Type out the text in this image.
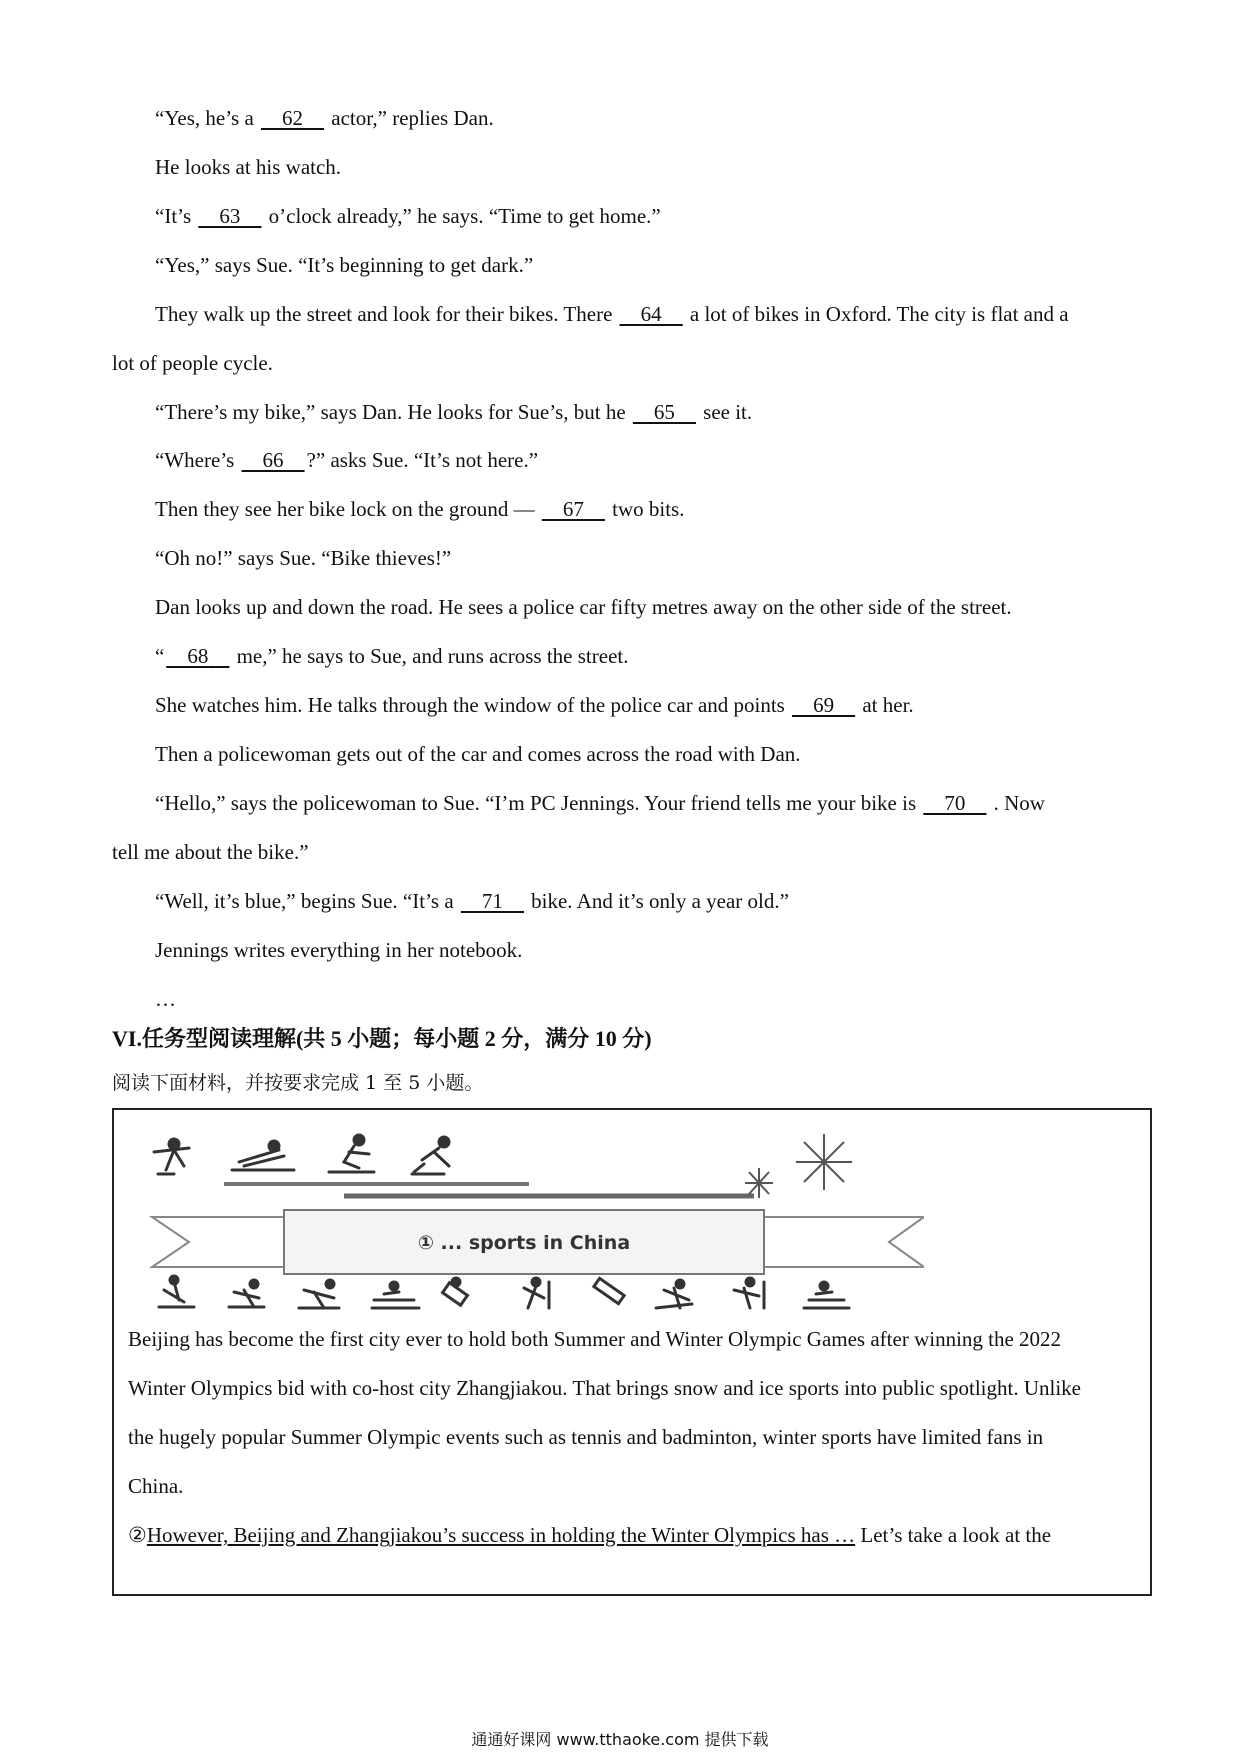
“Yes, he’s a 62 actor,” replies Dan.
He looks at his watch.
“It’s 63 o’clock already,” he says. “Time to get home.”
“Yes,” says Sue. “It’s beginning to get dark.”
They walk up the street and look for their bikes. There 64 a lot of bikes in Oxford. The city is flat and a
lot of people cycle.
“There’s my bike,” says Dan. He looks for Sue’s, but he 65 see it.
“Where’s 66 ?” asks Sue. “It’s not here.”
Then they see her bike lock on the ground — 67 two bits.
“Oh no!” says Sue. “Bike thieves!”
Dan looks up and down the road. He sees a police car fifty metres away on the other side of the street.
“ 68 me,” he says to Sue, and runs across the street.
She watches him. He talks through the window of the police car and points 69 at her.
Then a policewoman gets out of the car and comes across the road with Dan.
“Hello,” says the policewoman to Sue. “I’m PC Jennings. Your friend tells me your bike is 70 . Now
tell me about the bike.”
“Well, it’s blue,” begins Sue. “It’s a 71 bike. And it’s only a year old.”
Jennings writes everything in her notebook.
…
VI.任务型阅读理解(共 5 小题；每小题 2 分，满分 10 分)
阅读下面材料，并按要求完成 1 至 5 小题。
① ... sports in China
Beijing has become the first city ever to hold both Summer and Winter Olympic Games after winning the 2022
Winter Olympics bid with co-host city Zhangjiakou. That brings snow and ice sports into public spotlight. Unlike
the hugely popular Summer Olympic events such as tennis and badminton, winter sports have limited fans in
China.
②However, Beijing and Zhangjiakou’s success in holding the Winter Olympics has … Let’s take a look at the
通通好课网 www.tthaoke.com 提供下载
